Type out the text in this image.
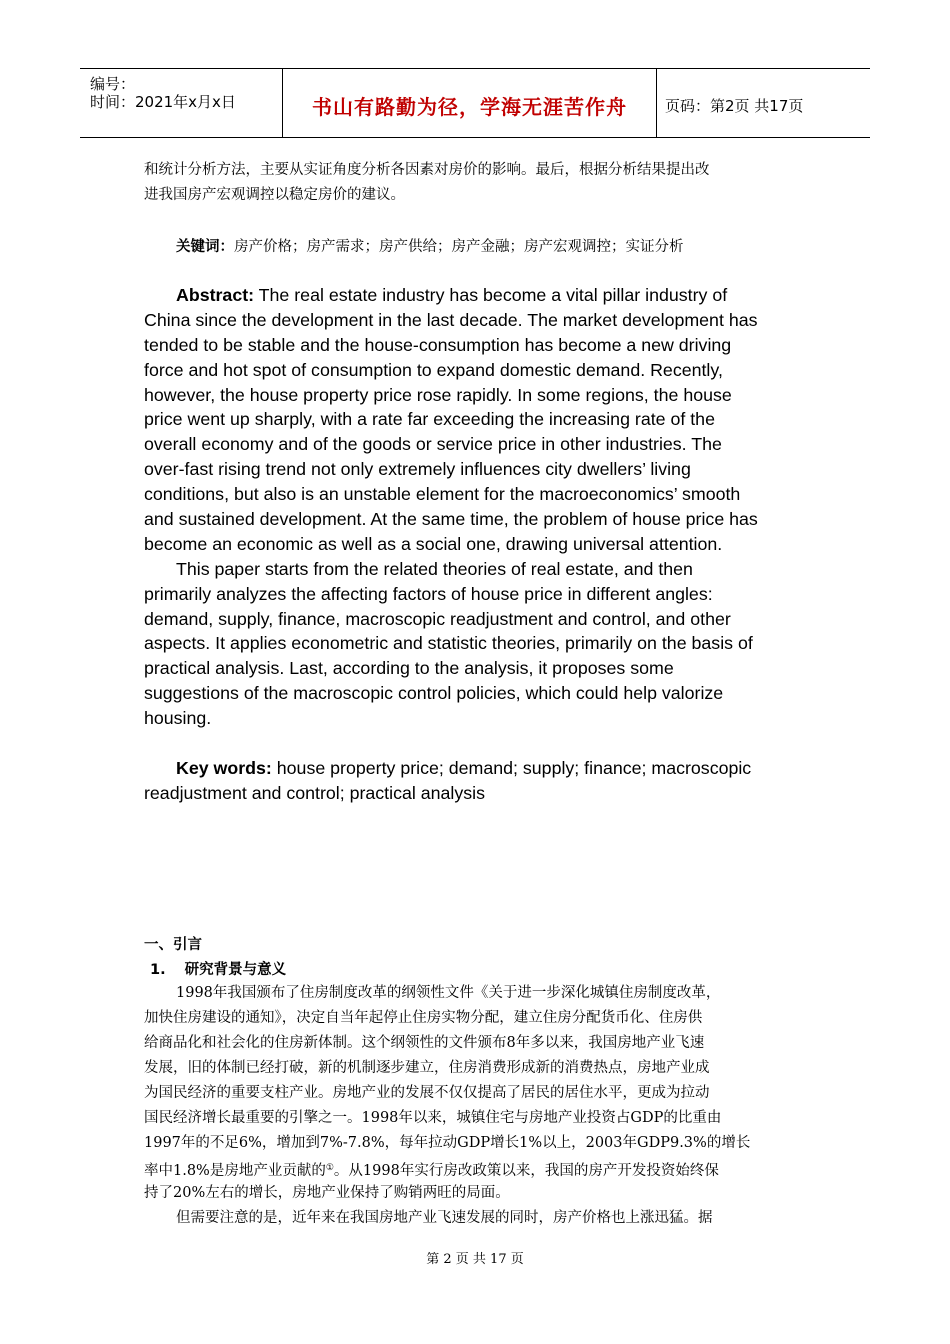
编号：
时间：2021年x月x日	书山有路勤为径，学海无涯苦作舟	页码：第2页 共17页
和统计分析方法，主要从实证角度分析各因素对房价的影响。最后，根据分析结果提出改
进我国房产宏观调控以稳定房价的建议。
关键词：房产价格；房产需求；房产供给；房产金融；房产宏观调控；实证分析
Abstract: The real estate industry has become a vital pillar industry of
China since the development in the last decade. The market development has
tended to be stable and the house-consumption has become a new driving
force and hot spot of consumption to expand domestic demand. Recently,
however, the house property price rose rapidly. In some regions, the house
price went up sharply, with a rate far exceeding the increasing rate of the
overall economy and of the goods or service price in other industries. The
over-fast rising trend not only extremely influences city dwellers’ living
conditions, but also is an unstable element for the macroeconomics’ smooth
and sustained development. At the same time, the problem of house price has
become an economic as well as a social one, drawing universal attention.
This paper starts from the related theories of real estate, and then
primarily analyzes the affecting factors of house price in different angles:
demand, supply, finance, macroscopic readjustment and control, and other
aspects. It applies econometric and statistic theories, primarily on the basis of
practical analysis. Last, according to the analysis, it proposes some
suggestions of the macroscopic control policies, which could help valorize
housing.
Key words: house property price; demand; supply; finance; macroscopic
readjustment and control; practical analysis
一、引言
1. 研究背景与意义
1998年我国颁布了住房制度改革的纲领性文件《关于进一步深化城镇住房制度改革，
加快住房建设的通知》，决定自当年起停止住房实物分配，建立住房分配货币化、住房供
给商品化和社会化的住房新体制。这个纲领性的文件颁布8年多以来，我国房地产业飞速
发展，旧的体制已经打破，新的机制逐步建立，住房消费形成新的消费热点，房地产业成
为国民经济的重要支柱产业。房地产业的发展不仅仅提高了居民的居住水平，更成为拉动
国民经济增长最重要的引擎之一。1998年以来，城镇住宅与房地产业投资占GDP的比重由
1997年的不足6%，增加到7%-7.8%，每年拉动GDP增长1%以上，2003年GDP9.3%的增长
率中1.8%是房地产业贡献的①。从1998年实行房改政策以来，我国的房产开发投资始终保
持了20%左右的增长，房地产业保持了购销两旺的局面。
但需要注意的是，近年来在我国房地产业飞速发展的同时，房产价格也上涨迅猛。据
第 2 页 共 17 页
